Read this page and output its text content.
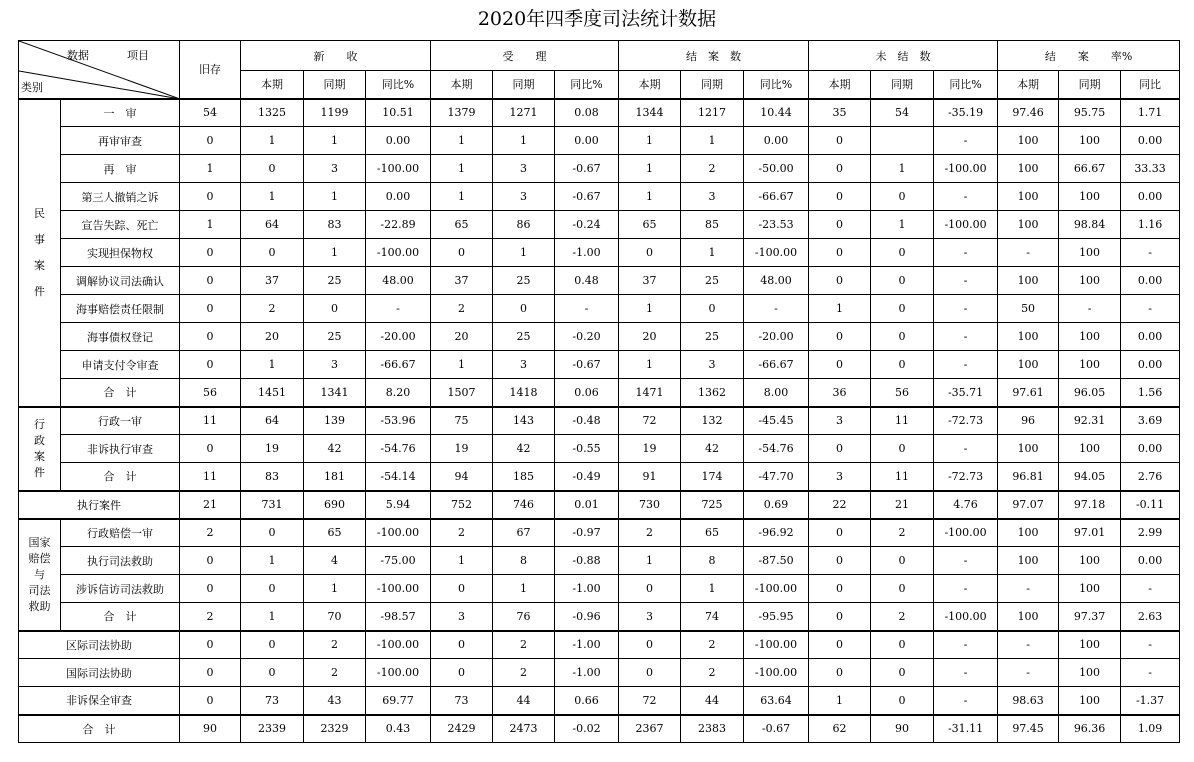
2020年四季度司法统计数据
数据 项目
类别		旧存	新　　收			受　　理			结　案　数			未　结　数			结　　案　　率%		
			本期	同期	同比%	本期	同期	同比%	本期	同期	同比%	本期	同期	同比%	本期	同期	同比
民
事
案
件	一　审	54	1325	1199	10.51	1379	1271	0.08	1344	1217	10.44	35	54	-35.19	97.46	95.75	1.71
	再审审查	0	1	1	0.00	1	1	0.00	1	1	0.00	0		-	100	100	0.00
	再　审	1	0	3	-100.00	1	3	-0.67	1	2	-50.00	0	1	-100.00	100	66.67	33.33
	第三人撤销之诉	0	1	1	0.00	1	3	-0.67	1	3	-66.67	0	0	-	100	100	0.00
	宣告失踪、死亡	1	64	83	-22.89	65	86	-0.24	65	85	-23.53	0	1	-100.00	100	98.84	1.16
	实现担保物权	0	0	1	-100.00	0	1	-1.00	0	1	-100.00	0	0	-	-	100	-
	调解协议司法确认	0	37	25	48.00	37	25	0.48	37	25	48.00	0	0	-	100	100	0.00
	海事赔偿责任限制	0	2	0	-	2	0	-	1	0	-	1	0	-	50	-	-
	海事债权登记	0	20	25	-20.00	20	25	-0.20	20	25	-20.00	0	0	-	100	100	0.00
	申请支付令审查	0	1	3	-66.67	1	3	-0.67	1	3	-66.67	0	0	-	100	100	0.00
	合　计	56	1451	1341	8.20	1507	1418	0.06	1471	1362	8.00	36	56	-35.71	97.61	96.05	1.56
行
政
案
件	行政一审	11	64	139	-53.96	75	143	-0.48	72	132	-45.45	3	11	-72.73	96	92.31	3.69
	非诉执行审查	0	19	42	-54.76	19	42	-0.55	19	42	-54.76	0	0	-	100	100	0.00
	合　计	11	83	181	-54.14	94	185	-0.49	91	174	-47.70	3	11	-72.73	96.81	94.05	2.76
执行案件		21	731	690	5.94	752	746	0.01	730	725	0.69	22	21	4.76	97.07	97.18	-0.11
国家
赔偿
与
司法
救助	行政赔偿一审	2	0	65	-100.00	2	67	-0.97	2	65	-96.92	0	2	-100.00	100	97.01	2.99
	执行司法救助	0	1	4	-75.00	1	8	-0.88	1	8	-87.50	0	0	-	100	100	0.00
	涉诉信访司法救助	0	0	1	-100.00	0	1	-1.00	0	1	-100.00	0	0	-	-	100	-
	合　计	2	1	70	-98.57	3	76	-0.96	3	74	-95.95	0	2	-100.00	100	97.37	2.63
区际司法协助		0	0	2	-100.00	0	2	-1.00	0	2	-100.00	0	0	-	-	100	-
国际司法协助		0	0	2	-100.00	0	2	-1.00	0	2	-100.00	0	0	-	-	100	-
非诉保全审查		0	73	43	69.77	73	44	0.66	72	44	63.64	1	0	-	98.63	100	-1.37
合　计		90	2339	2329	0.43	2429	2473	-0.02	2367	2383	-0.67	62	90	-31.11	97.45	96.36	1.09
